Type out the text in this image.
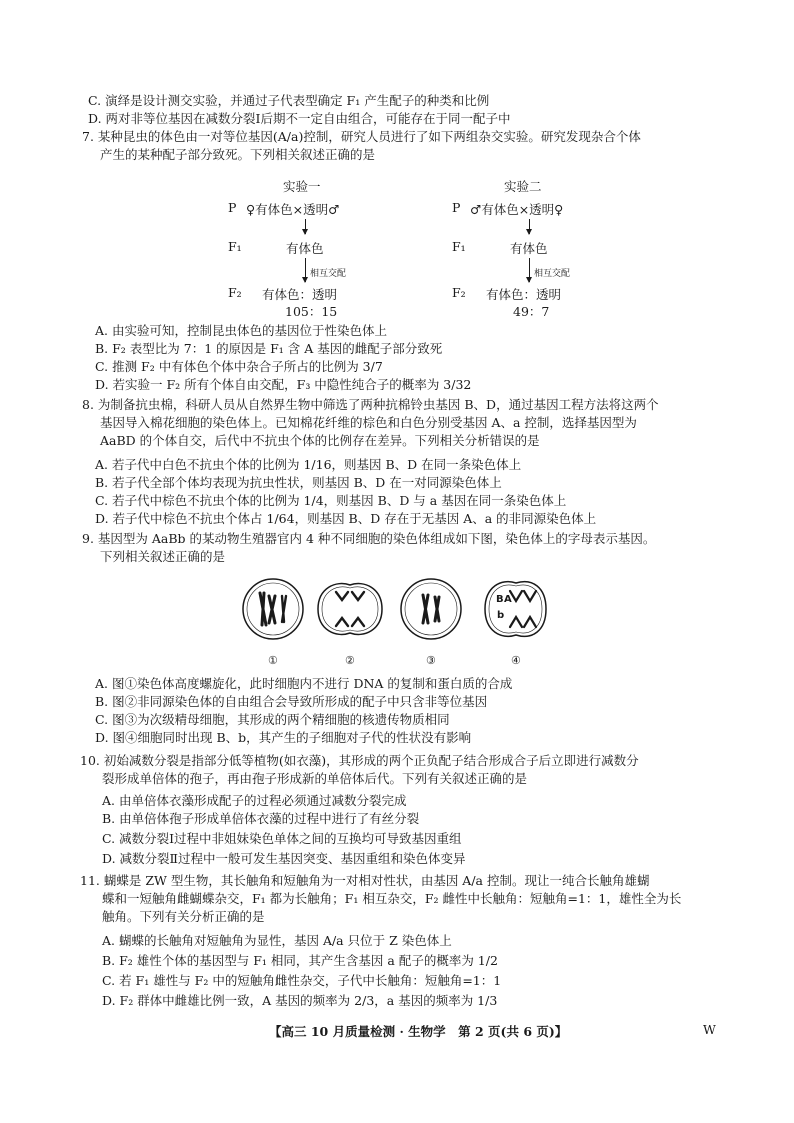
C. 演绎是设计测交实验，并通过子代表型确定 F₁ 产生配子的种类和比例
D. 两对非等位基因在减数分裂Ⅰ后期不一定自由组合，可能存在于同一配子中
7. 某种昆虫的体色由一对等位基因(A/a)控制，研究人员进行了如下两组杂交实验。研究发现杂合个体
产生的某种配子部分致死。下列相关叙述正确的是
实验一
P ♀有体色×透明♂
F₁	有体色
相互交配
F₂ 有体色：透明
105：15
实验二
P ♂有体色×透明♀
F₁	有体色
相互交配
F₂ 有体色：透明
49：7
A. 由实验可知，控制昆虫体色的基因位于性染色体上
B. F₂ 表型比为 7：1 的原因是 F₁ 含 A 基因的雌配子部分致死
C. 推测 F₂ 中有体色个体中杂合子所占的比例为 3/7
D. 若实验一 F₂ 所有个体自由交配，F₃ 中隐性纯合子的概率为 3/32
8. 为制备抗虫棉，科研人员从自然界生物中筛选了两种抗棉铃虫基因 B、D，通过基因工程方法将这两个
基因导入棉花细胞的染色体上。已知棉花纤维的棕色和白色分别受基因 A、a 控制，选择基因型为
AaBD 的个体自交，后代中不抗虫个体的比例存在差异。下列相关分析错误的是
A. 若子代中白色不抗虫个体的比例为 1/16，则基因 B、D 在同一条染色体上
B. 若子代全部个体均表现为抗虫性状，则基因 B、D 在一对同源染色体上
C. 若子代中棕色不抗虫个体的比例为 1/4，则基因 B、D 与 a 基因在同一条染色体上
D. 若子代中棕色不抗虫个体占 1/64，则基因 B、D 存在于无基因 A、a 的非同源染色体上
9. 基因型为 AaBb 的某动物生殖器官内 4 种不同细胞的染色体组成如下图，染色体上的字母表示基因。
下列相关叙述正确的是
B A
b
①	②	③	④
A. 图①染色体高度螺旋化，此时细胞内不进行 DNA 的复制和蛋白质的合成
B. 图②非同源染色体的自由组合会导致所形成的配子中只含非等位基因
C. 图③为次级精母细胞，其形成的两个精细胞的核遗传物质相同
D. 图④细胞同时出现 B、b，其产生的子细胞对子代的性状没有影响
10. 初始减数分裂是指部分低等植物(如衣藻)，其形成的两个正负配子结合形成合子后立即进行减数分
裂形成单倍体的孢子，再由孢子形成新的单倍体后代。下列有关叙述正确的是
A. 由单倍体衣藻形成配子的过程必须通过减数分裂完成
B. 由单倍体孢子形成单倍体衣藻的过程中进行了有丝分裂
C. 减数分裂Ⅰ过程中非姐妹染色单体之间的互换均可导致基因重组
D. 减数分裂Ⅱ过程中一般可发生基因突变、基因重组和染色体变异
11. 蝴蝶是 ZW 型生物，其长触角和短触角为一对相对性状，由基因 A/a 控制。现让一纯合长触角雄蝴
蝶和一短触角雌蝴蝶杂交，F₁ 都为长触角；F₁ 相互杂交，F₂ 雌性中长触角：短触角=1：1，雄性全为长
触角。下列有关分析正确的是
A. 蝴蝶的长触角对短触角为显性，基因 A/a 只位于 Z 染色体上
B. F₂ 雄性个体的基因型与 F₁ 相同，其产生含基因 a 配子的概率为 1/2
C. 若 F₁ 雄性与 F₂ 中的短触角雌性杂交，子代中长触角：短触角=1：1
D. F₂ 群体中雌雄比例一致，A 基因的频率为 2/3，a 基因的频率为 1/3
【高三 10 月质量检测 · 生物学　第 2 页(共 6 页)】	W
